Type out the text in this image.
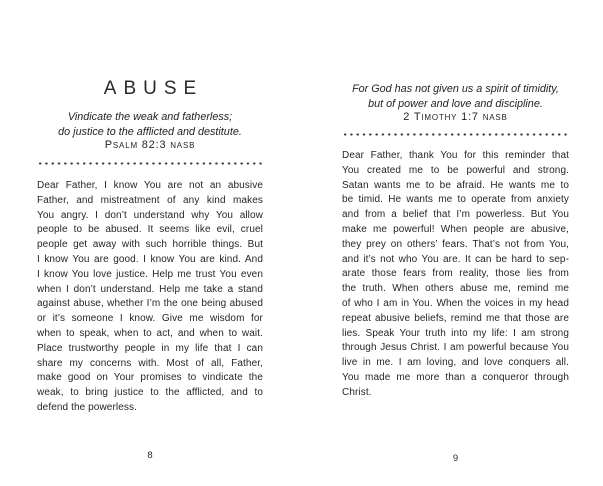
ABUSE
Vindicate the weak and fatherless;
do justice to the afflicted and destitute.
Psalm 82:3 nasb
Dear Father, I know You are not an abusive
Father, and mistreatment of any kind makes
You angry. I don’t understand why You allow
people to be abused. It seems like evil, cruel
people get away with such horrible things. But
I know You are good. I know You are kind. And
I know You love justice. Help me trust You even
when I don’t understand. Help me take a stand
against abuse, whether I’m the one being abused
or it’s someone I know. Give me wisdom for
when to speak, when to act, and when to wait.
Place trustworthy people in my life that I can
share my concerns with. Most of all, Father,
make good on Your promises to vindicate the
weak, to bring justice to the afflicted, and to
defend the powerless.
8
For God has not given us a spirit of timidity,
but of power and love and discipline.
2 Timothy 1:7 nasb
Dear Father, thank You for this reminder that
You created me to be powerful and strong.
Satan wants me to be afraid. He wants me to
be timid. He wants me to operate from anxiety
and from a belief that I’m powerless. But You
make me powerful! When people are abusive,
they prey on others’ fears. That’s not from You,
and it’s not who You are. It can be hard to sep-
arate those fears from reality, those lies from
the truth. When others abuse me, remind me
of who I am in You. When the voices in my head
repeat abusive beliefs, remind me that those are
lies. Speak Your truth into my life: I am strong
through Jesus Christ. I am powerful because You
live in me. I am loving, and love conquers all.
You made me more than a conqueror through
Christ.
9
